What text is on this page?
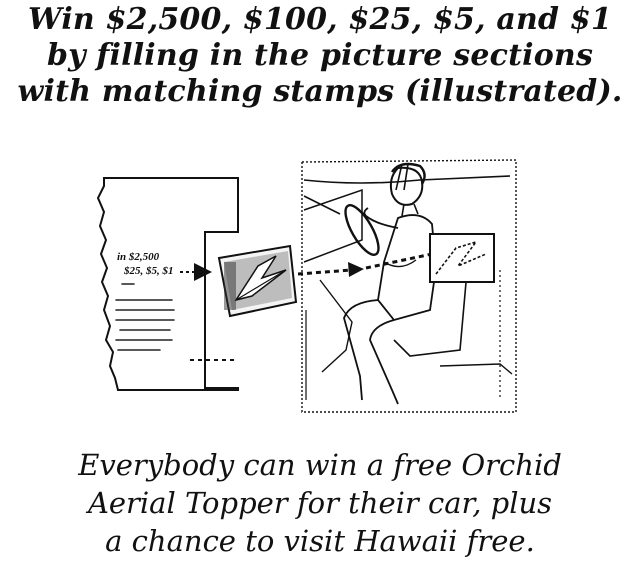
Win $2,500, $100, $25, $5, and $1
by filling in the picture sections
with matching stamps (illustrated).
in $2,500
$25, $5, $1
Everybody can win a free Orchid
Aerial Topper for their car, plus
a chance to visit Hawaii free.
